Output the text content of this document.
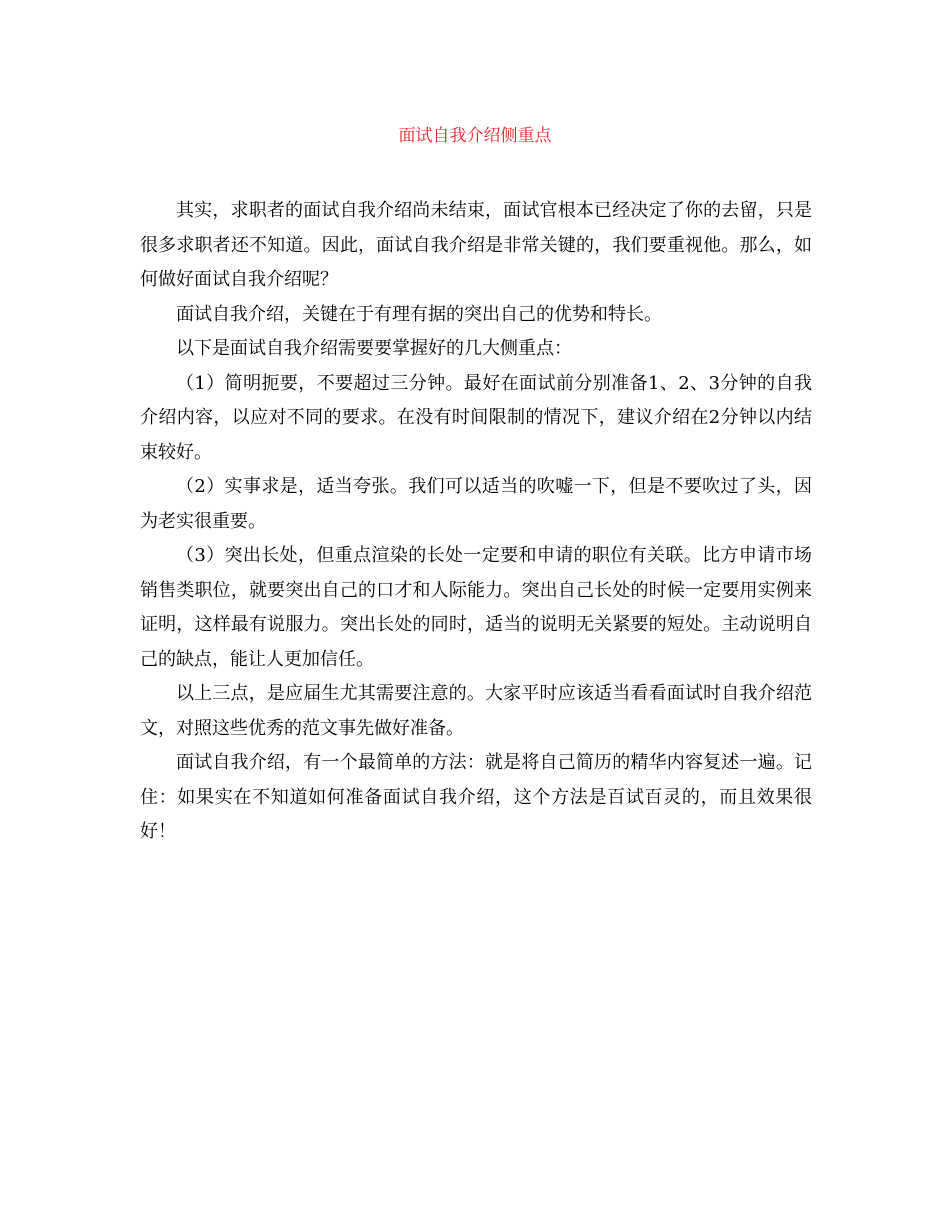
面试自我介绍侧重点

其实，求职者的面试自我介绍尚未结束，面试官根本已经决定了你的去留，只是很多求职者还不知道。因此，面试自我介绍是非常关键的，我们要重视他。那么，如何做好面试自我介绍呢？

面试自我介绍，关键在于有理有据的突出自己的优势和特长。

以下是面试自我介绍需要要掌握好的几大侧重点：

（1）简明扼要，不要超过三分钟。最好在面试前分别准备1、2、3分钟的自我介绍内容，以应对不同的要求。在没有时间限制的情况下，建议介绍在2分钟以内结束较好。

（2）实事求是，适当夸张。我们可以适当的吹嘘一下，但是不要吹过了头，因为老实很重要。

（3）突出长处，但重点渲染的长处一定要和申请的职位有关联。比方申请市场销售类职位，就要突出自己的口才和人际能力。突出自己长处的时候一定要用实例来证明，这样最有说服力。突出长处的同时，适当的说明无关紧要的短处。主动说明自己的缺点，能让人更加信任。

以上三点，是应届生尤其需要注意的。大家平时应该适当看看面试时自我介绍范文，对照这些优秀的范文事先做好准备。

面试自我介绍，有一个最简单的方法：就是将自己简历的精华内容复述一遍。记住：如果实在不知道如何准备面试自我介绍，这个方法是百试百灵的，而且效果很好！
